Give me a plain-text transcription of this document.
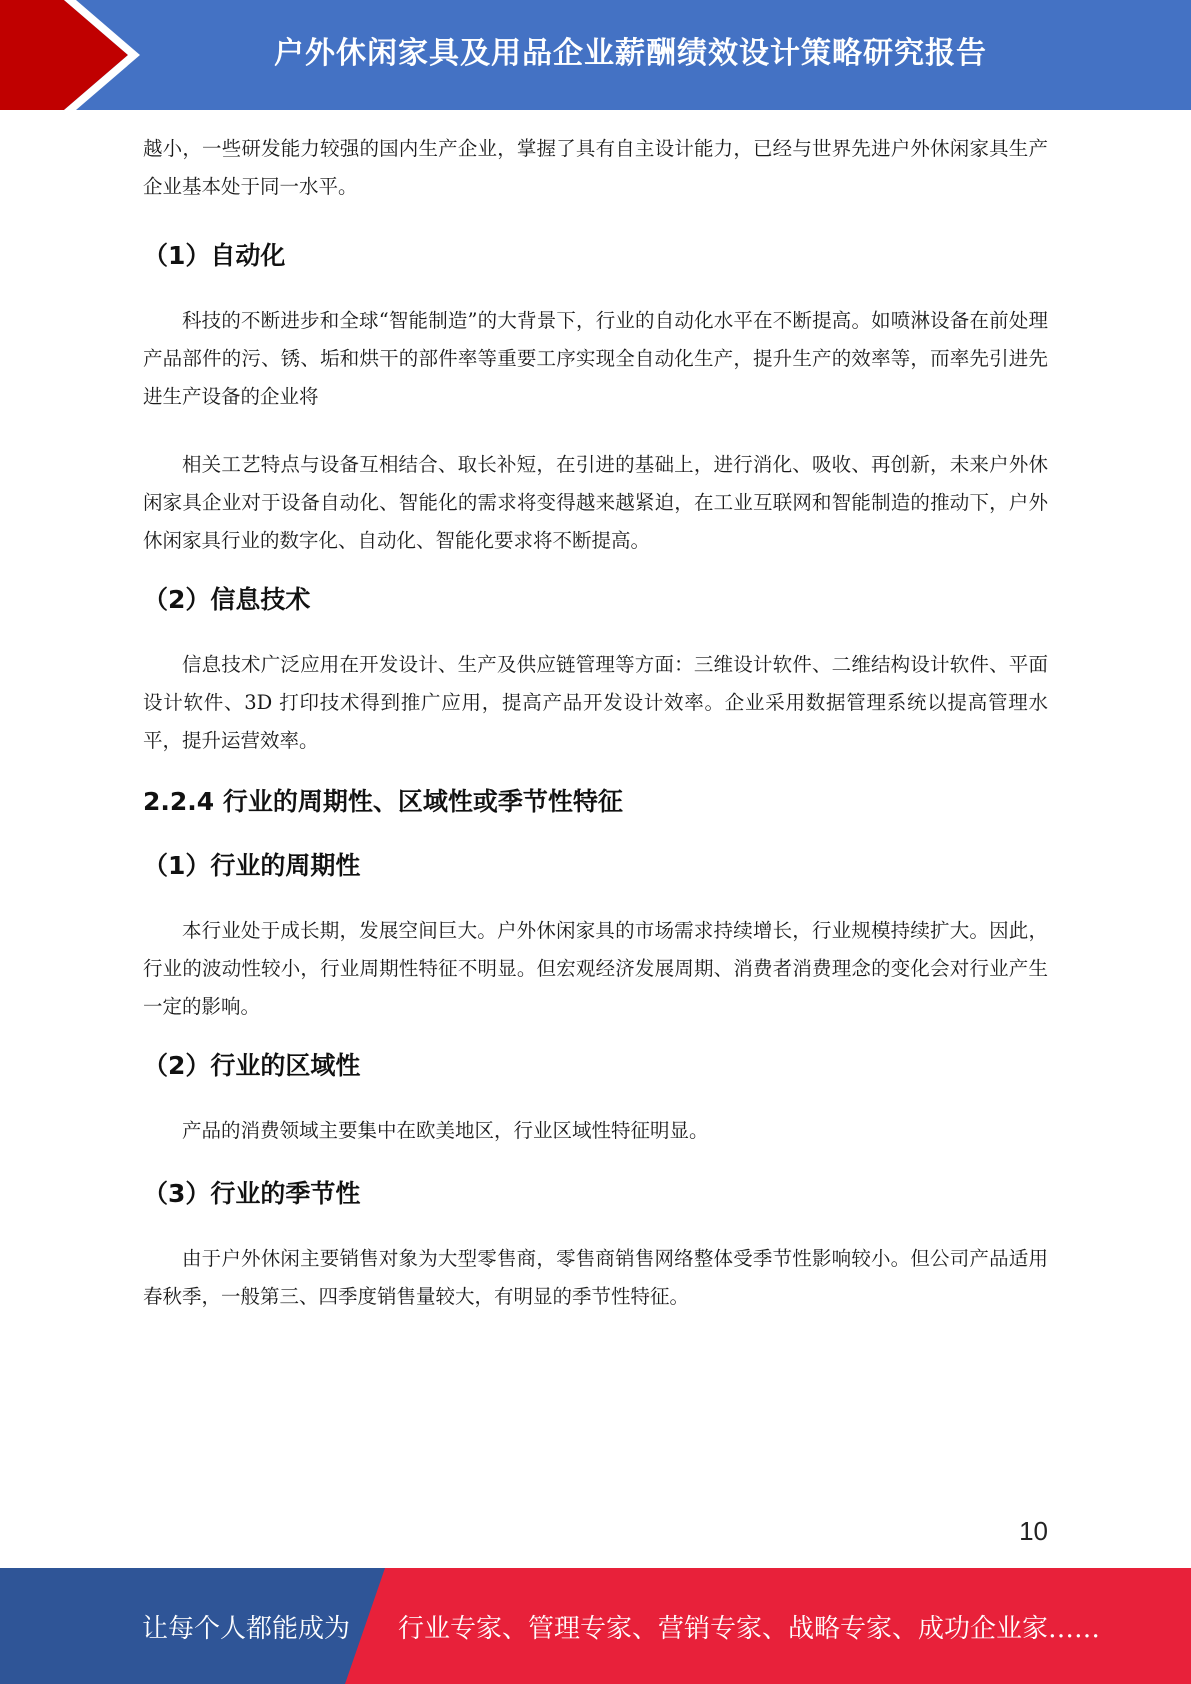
户外休闲家具及用品企业薪酬绩效设计策略研究报告

越小，一些研发能力较强的国内生产企业，掌握了具有自主设计能力，已经与世界先进户外休闲家具生产企业基本处于同一水平。

（1）自动化

科技的不断进步和全球“智能制造”的大背景下，行业的自动化水平在不断提高。如喷淋设备在前处理产品部件的污、锈、垢和烘干的部件率等重要工序实现全自动化生产，提升生产的效率等，而率先引进先进生产设备的企业将

相关工艺特点与设备互相结合、取长补短，在引进的基础上，进行消化、吸收、再创新，未来户外休闲家具企业对于设备自动化、智能化的需求将变得越来越紧迫，在工业互联网和智能制造的推动下，户外休闲家具行业的数字化、自动化、智能化要求将不断提高。

（2）信息技术

信息技术广泛应用在开发设计、生产及供应链管理等方面：三维设计软件、二维结构设计软件、平面设计软件、3D 打印技术得到推广应用，提高产品开发设计效率。企业采用数据管理系统以提高管理水平，提升运营效率。

2.2.4 行业的周期性、区域性或季节性特征
（1）行业的周期性

本行业处于成长期，发展空间巨大。户外休闲家具的市场需求持续增长，行业规模持续扩大。因此，行业的波动性较小，行业周期性特征不明显。但宏观经济发展周期、消费者消费理念的变化会对行业产生一定的影响。

（2）行业的区域性

产品的消费领域主要集中在欧美地区，行业区域性特征明显。

（3）行业的季节性

由于户外休闲主要销售对象为大型零售商，零售商销售网络整体受季节性影响较小。但公司产品适用春秋季，一般第三、四季度销售量较大，有明显的季节性特征。

10
让每个人都能成为 行业专家、管理专家、营销专家、战略专家、成功企业家……
